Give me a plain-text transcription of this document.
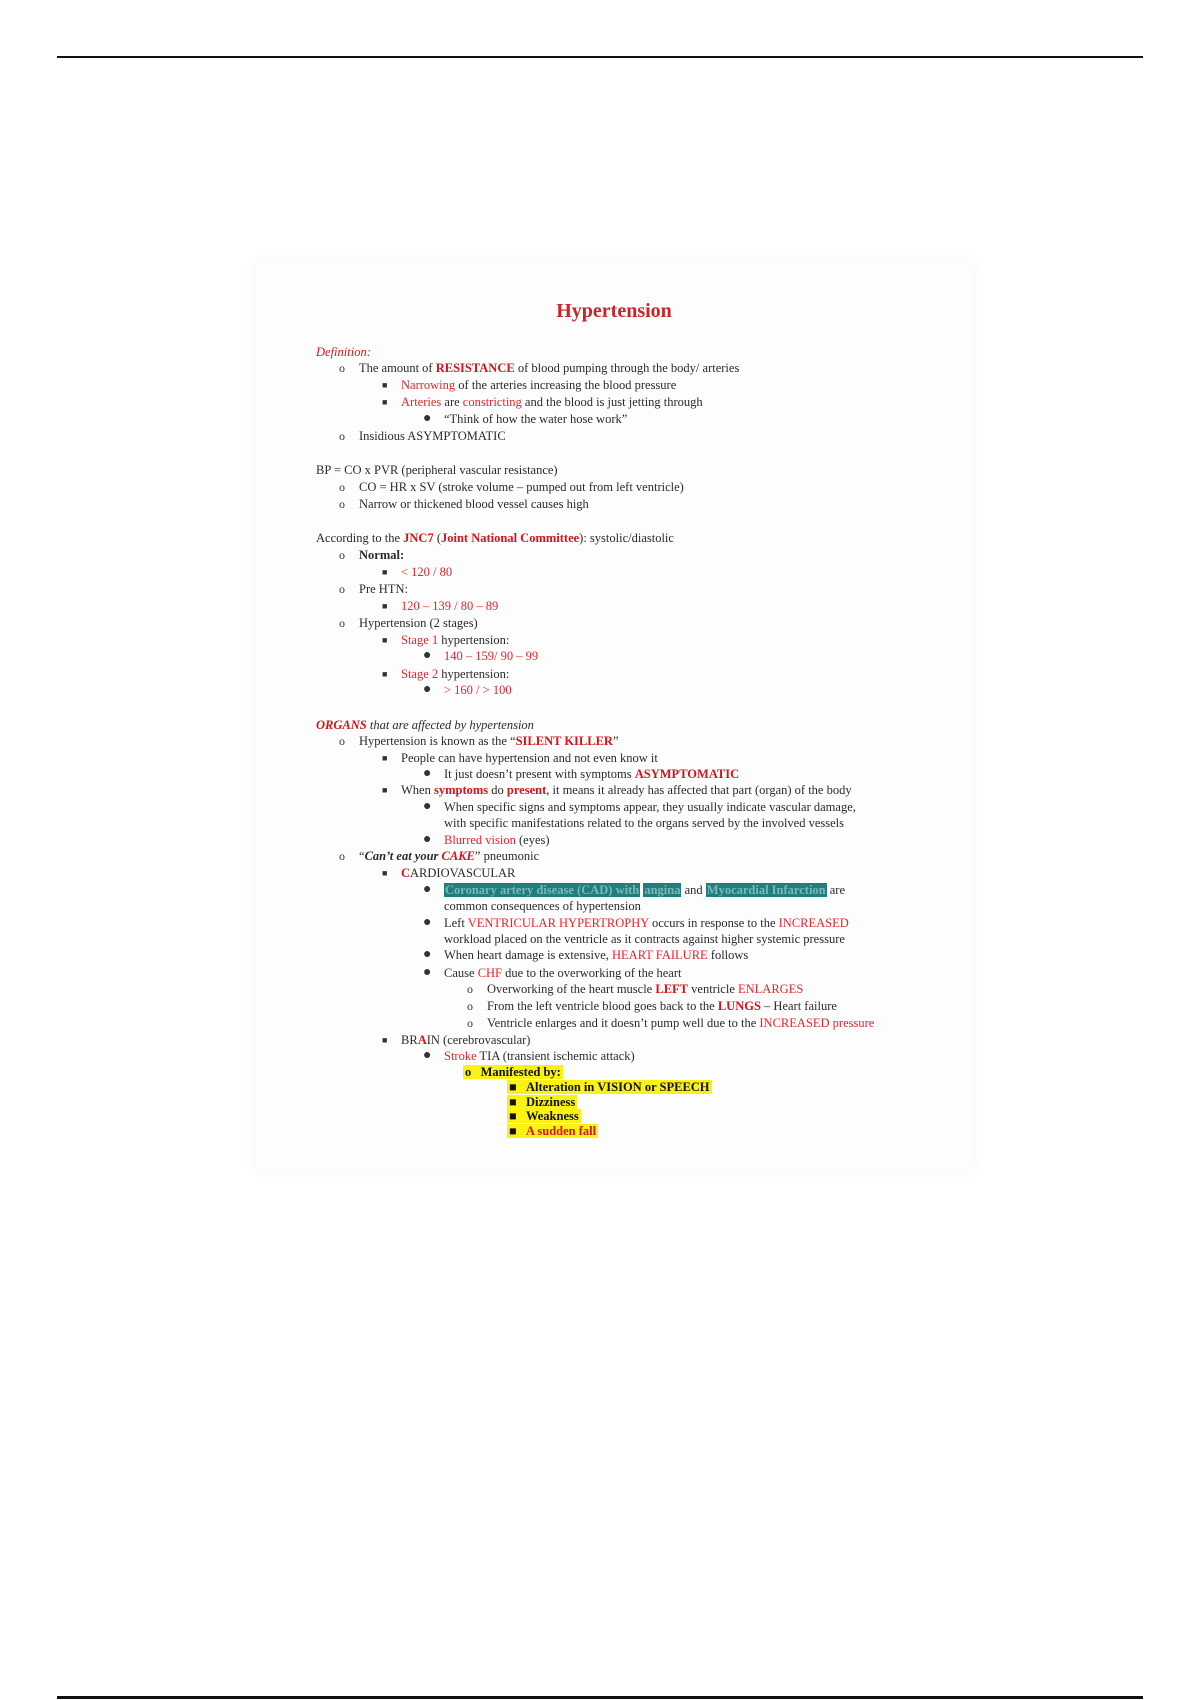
Hypertension
Definition:
o The amount of RESISTANCE of blood pumping through the body/ arteries
■ Narrowing of the arteries increasing the blood pressure
■ Arteries are constricting and the blood is just jetting through
● “Think of how the water hose work”
o Insidious ASYMPTOMATIC
BP = CO x PVR (peripheral vascular resistance)
o CO = HR x SV (stroke volume – pumped out from left ventricle)
o Narrow or thickened blood vessel causes high
According to the JNC7 (Joint National Committee): systolic/diastolic
o Normal:
■ < 120 / 80
o Pre HTN:
■ 120 – 139 / 80 – 89
o Hypertension (2 stages)
■ Stage 1 hypertension:
● 140 – 159/ 90 – 99
■ Stage 2 hypertension:
● > 160 / > 100
ORGANS that are affected by hypertension
o Hypertension is known as the “SILENT KILLER”
■ People can have hypertension and not even know it
● It just doesn’t present with symptoms ASYMPTOMATIC
■ When symptoms do present, it means it already has affected that part (organ) of the body
● When specific signs and symptoms appear, they usually indicate vascular damage,
with specific manifestations related to the organs served by the involved vessels
● Blurred vision (eyes)
o “Can’t eat your CAKE” pneumonic
■ CARDIOVASCULAR
● Coronary artery disease (CAD) with angina and Myocardial Infarction are
common consequences of hypertension
● Left VENTRICULAR HYPERTROPHY occurs in response to the INCREASED
workload placed on the ventricle as it contracts against higher systemic pressure
● When heart damage is extensive, HEART FAILURE follows
● Cause CHF due to the overworking of the heart
o Overworking of the heart muscle LEFT ventricle ENLARGES
o From the left ventricle blood goes back to the LUNGS – Heart failure
o Ventricle enlarges and it doesn’t pump well due to the INCREASED pressure
■ BRAIN (cerebrovascular)
● Stroke TIA (transient ischemic attack)
o Manifested by:
■ Alteration in VISION or SPEECH
■ Dizziness
■ Weakness
■ A sudden fall
